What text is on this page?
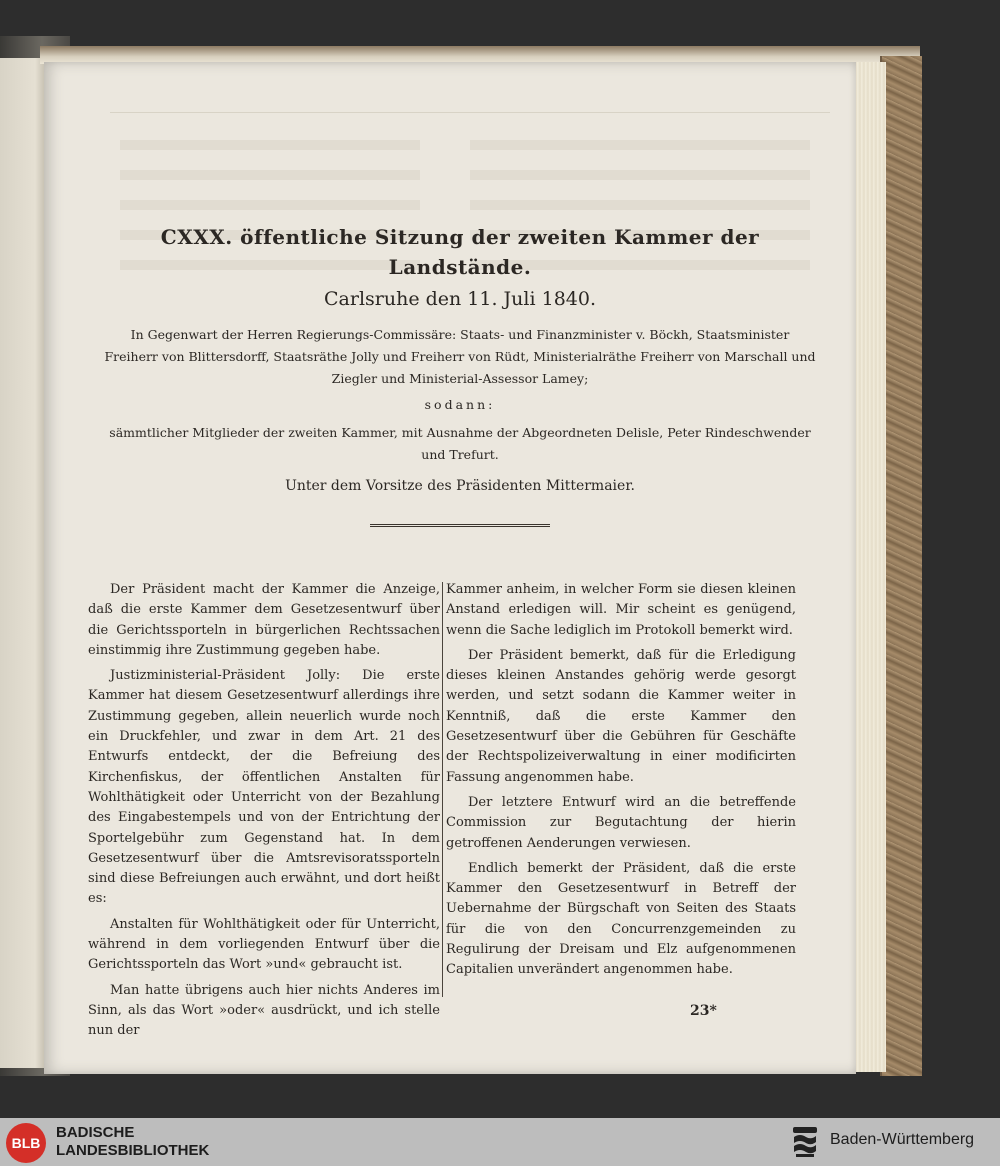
CXXX. öffentliche Sitzung der zweiten Kammer der Landstände.
Carlsruhe den 11. Juli 1840.
In Gegenwart der Herren Regierungs-Commissäre: Staats- und Finanzminister v. Böckh, Staatsminister Freiherr von Blittersdorff, Staatsräthe Jolly und Freiherr von Rüdt, Ministerialräthe Freiherr von Marschall und Ziegler und Ministerial-Assessor Lamey;
sodann:
sämmtlicher Mitglieder der zweiten Kammer, mit Ausnahme der Abgeordneten Delisle, Peter Rindeschwender und Trefurt.
Unter dem Vorsitze des Präsidenten Mittermaier.

Der Präsident macht der Kammer die Anzeige, daß die erste Kammer dem Gesetzesentwurf über die Gerichtssporteln in bürgerlichen Rechtssachen einstimmig ihre Zustimmung gegeben habe.

Justizministerial-Präsident Jolly: Die erste Kammer hat diesem Gesetzesentwurf allerdings ihre Zustimmung gegeben, allein neuerlich wurde noch ein Druckfehler, und zwar in dem Art. 21 des Entwurfs entdeckt, der die Befreiung des Kirchenfiskus, der öffentlichen Anstalten für Wohlthätigkeit oder Unterricht von der Bezahlung des Eingabestempels und von der Entrichtung der Sportelgebühr zum Gegenstand hat. In dem Gesetzesentwurf über die Amtsrevisoratssporteln sind diese Befreiungen auch erwähnt, und dort heißt es:

Anstalten für Wohlthätigkeit oder für Unterricht, während in dem vorliegenden Entwurf über die Gerichtssporteln das Wort »und« gebraucht ist.

Man hatte übrigens auch hier nichts Anderes im Sinn, als das Wort »oder« ausdrückt, und ich stelle nun der

Kammer anheim, in welcher Form sie diesen kleinen Anstand erledigen will. Mir scheint es genügend, wenn die Sache lediglich im Protokoll bemerkt wird.

Der Präsident bemerkt, daß für die Erledigung dieses kleinen Anstandes gehörig werde gesorgt werden, und setzt sodann die Kammer weiter in Kenntniß, daß die erste Kammer den Gesetzesentwurf über die Gebühren für Geschäfte der Rechtspolizeiverwaltung in einer modificirten Fassung angenommen habe.

Der letztere Entwurf wird an die betreffende Commission zur Begutachtung der hierin getroffenen Aenderungen verwiesen.

Endlich bemerkt der Präsident, daß die erste Kammer den Gesetzesentwurf in Betreff der Uebernahme der Bürgschaft von Seiten des Staats für die von den Concurrenzgemeinden zu Regulirung der Dreisam und Elz aufgenommenen Capitalien unverändert angenommen habe.

23*
BLB
BADISCHE
LANDESBIBLIOTHEK
Baden-Württemberg
